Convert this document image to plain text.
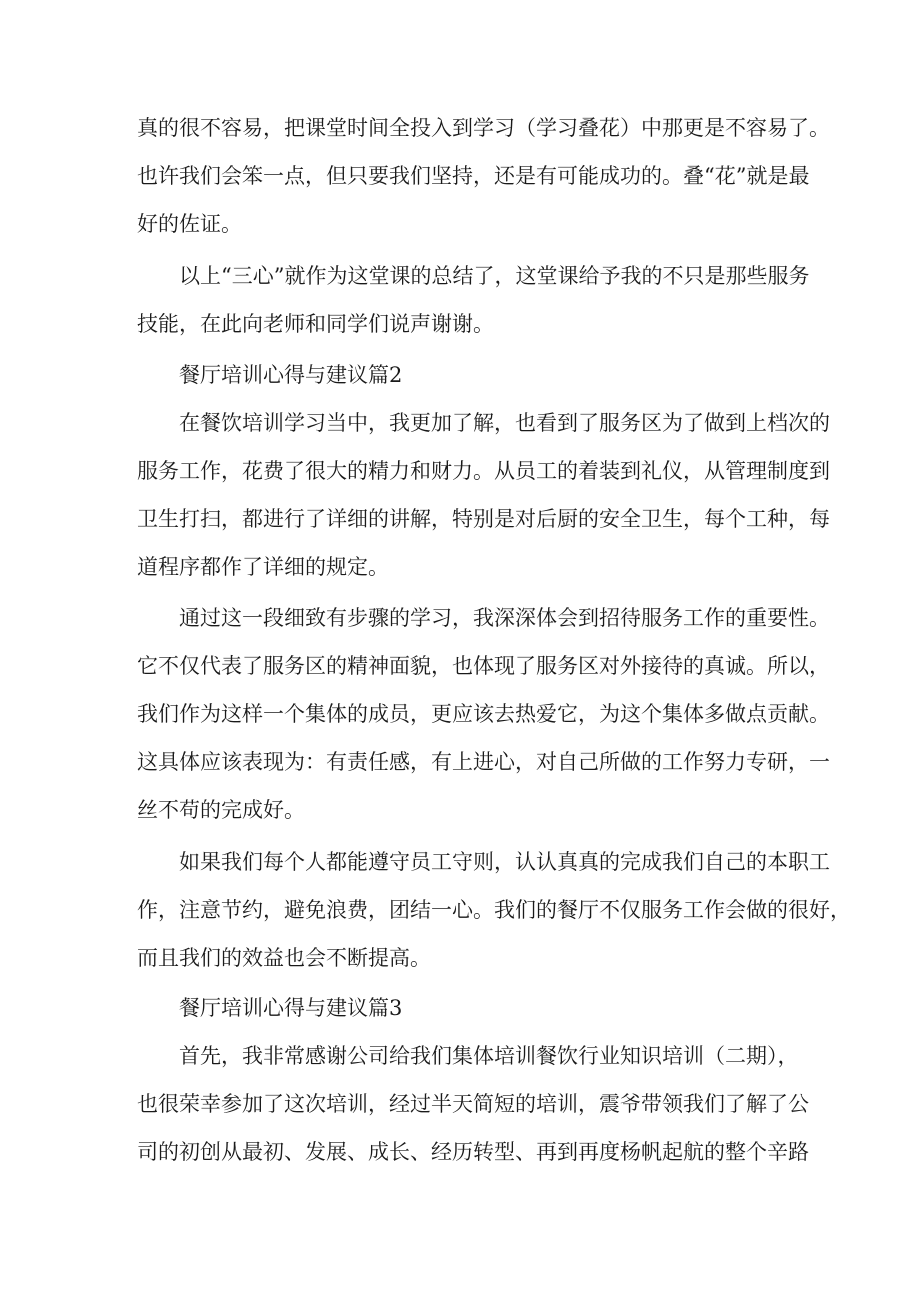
真的很不容易，把课堂时间全投入到学习（学习叠花）中那更是不容易了。
也许我们会笨一点，但只要我们坚持，还是有可能成功的。叠“花”就是最
好的佐证。
以上“三心”就作为这堂课的总结了，这堂课给予我的不只是那些服务
技能，在此向老师和同学们说声谢谢。
餐厅培训心得与建议篇2
在餐饮培训学习当中，我更加了解，也看到了服务区为了做到上档次的
服务工作，花费了很大的精力和财力。从员工的着装到礼仪，从管理制度到
卫生打扫，都进行了详细的讲解，特别是对后厨的安全卫生，每个工种，每
道程序都作了详细的规定。
通过这一段细致有步骤的学习，我深深体会到招待服务工作的重要性。
它不仅代表了服务区的精神面貌，也体现了服务区对外接待的真诚。所以，
我们作为这样一个集体的成员，更应该去热爱它，为这个集体多做点贡献。
这具体应该表现为：有责任感，有上进心，对自己所做的工作努力专研，一
丝不苟的完成好。
如果我们每个人都能遵守员工守则，认认真真的完成我们自己的本职工
作，注意节约，避免浪费，团结一心。我们的餐厅不仅服务工作会做的很好，
而且我们的效益也会不断提高。
餐厅培训心得与建议篇3
首先，我非常感谢公司给我们集体培训餐饮行业知识培训（二期），
也很荣幸参加了这次培训，经过半天简短的培训，震爷带领我们了解了公
司的初创从最初、发展、成长、经历转型、再到再度杨帆起航的整个辛路
